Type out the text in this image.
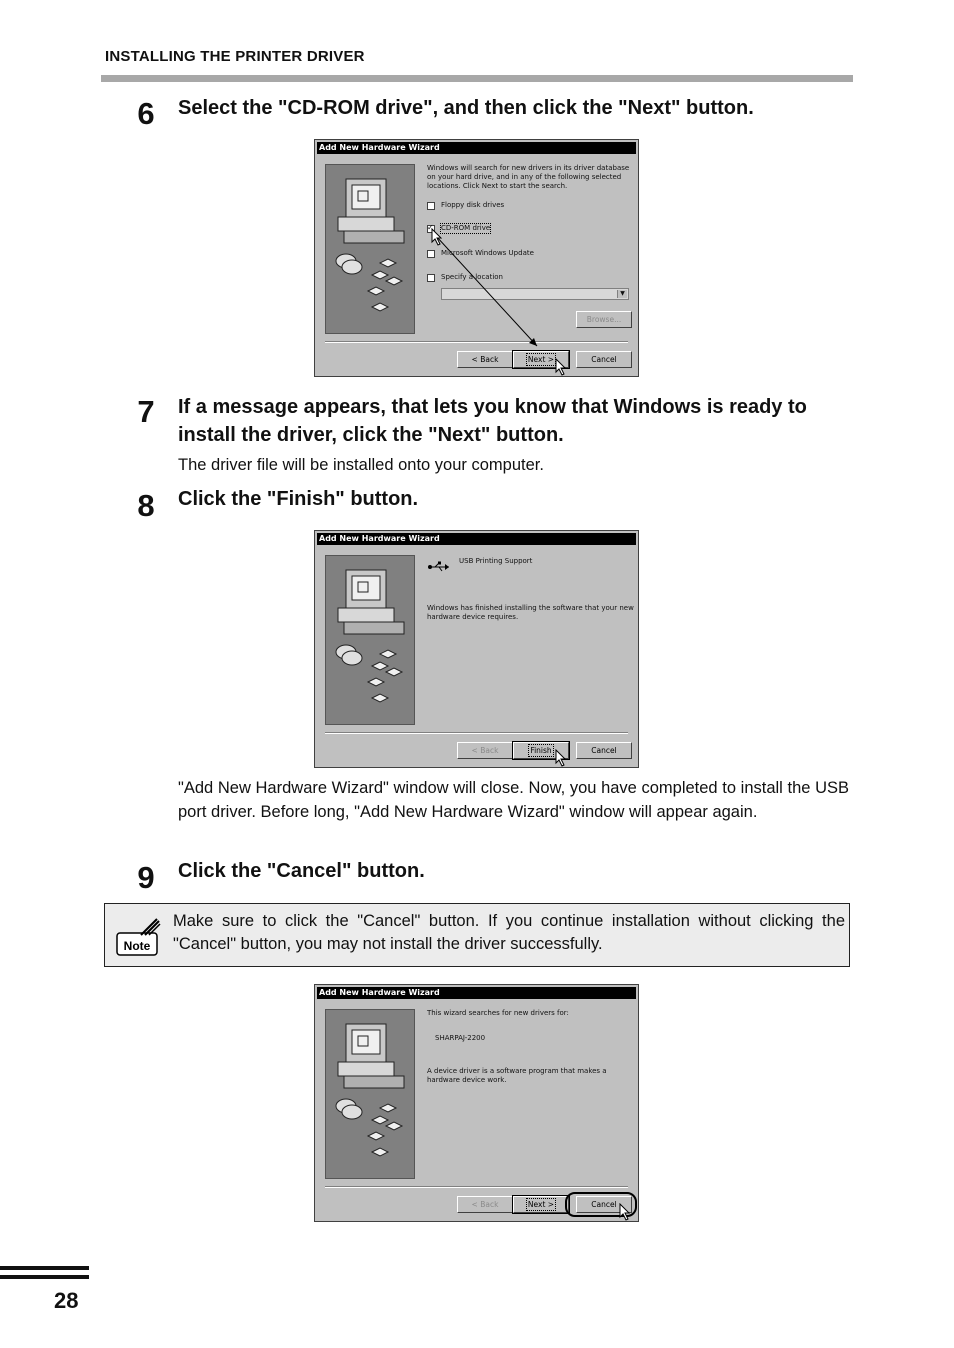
INSTALLING THE PRINTER DRIVER
6	Select the "CD-ROM drive", and then click the "Next" button.
Add New Hardware Wizard
Windows will search for new drivers in its driver database
on your hard drive, and in any of the following selected
locations. Click Next to start the search.
Floppy disk drives
✓
CD-ROM drive
Microsoft Windows Update
Specify a location
▼
Browse...
< Back	Next >	Cancel
7	If a message appears, that lets you know that Windows is ready to install the driver, click the "Next" button.
The driver file will be installed onto your computer.
8	Click the "Finish" button.
Add New Hardware Wizard
USB Printing Support
Windows has finished installing the software that your new
hardware device requires.
< Back	Finish	Cancel
"Add New Hardware Wizard" window will close. Now, you have completed to install the USB port driver. Before long, "Add New Hardware Wizard" window will appear again.
9	Click the "Cancel" button.
Note
Make sure to click the "Cancel" button. If you continue installation without clicking the "Cancel" button, you may not install the driver successfully.
Add New Hardware Wizard
This wizard searches for new drivers for:
SHARPAJ-2200
A device driver is a software program that makes a
hardware device work.
< Back	Next >	Cancel
28
